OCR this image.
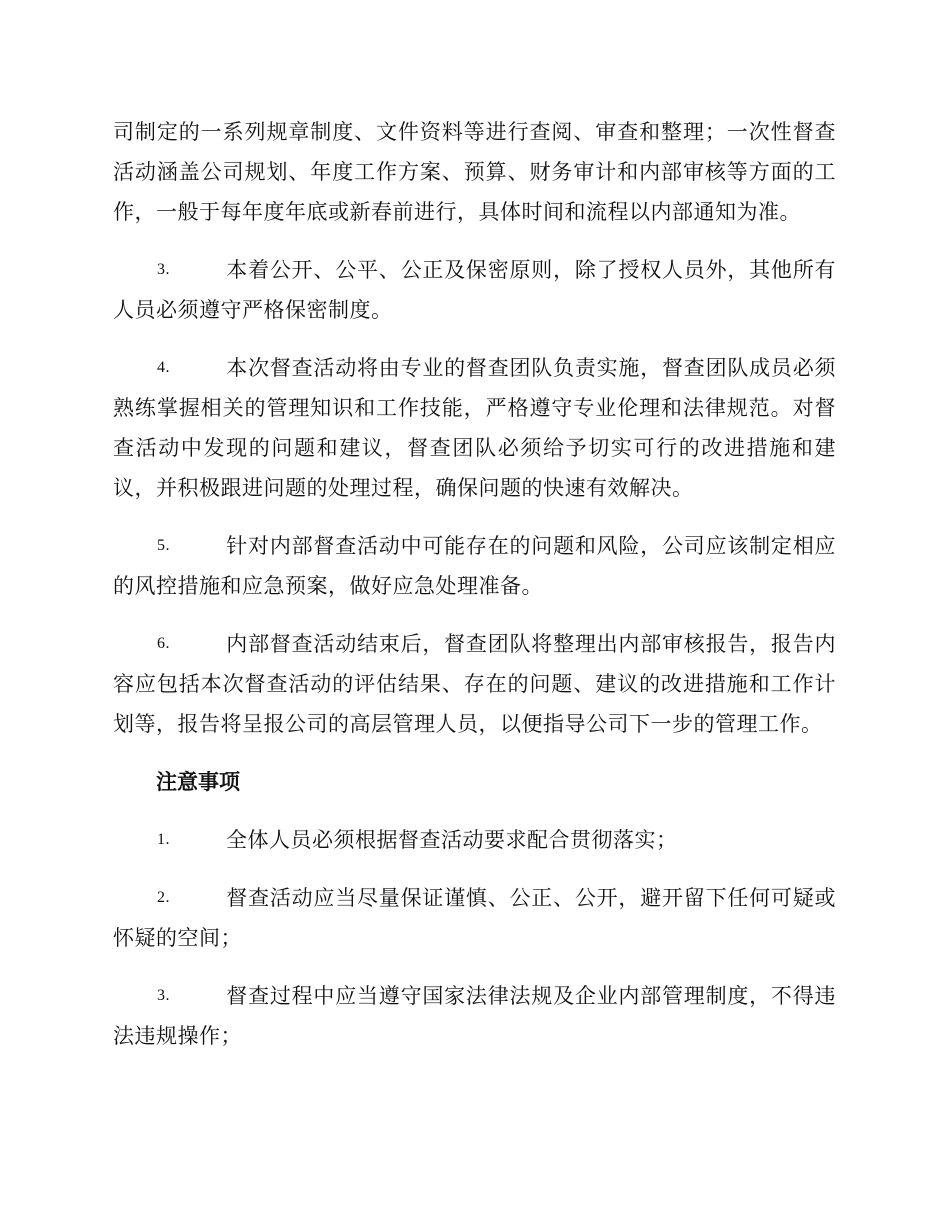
司制定的一系列规章制度、文件资料等进行查阅、审查和整理；一次性督查活动涵盖公司规划、年度工作方案、预算、财务审计和内部审核等方面的工作，一般于每年度年底或新春前进行，具体时间和流程以内部通知为准。

3.	本着公开、公平、公正及保密原则，除了授权人员外，其他所有人员必须遵守严格保密制度。

4.	本次督查活动将由专业的督查团队负责实施，督查团队成员必须熟练掌握相关的管理知识和工作技能，严格遵守专业伦理和法律规范。对督查活动中发现的问题和建议，督查团队必须给予切实可行的改进措施和建议，并积极跟进问题的处理过程，确保问题的快速有效解决。

5.	针对内部督查活动中可能存在的问题和风险，公司应该制定相应的风控措施和应急预案，做好应急处理准备。

6.	内部督查活动结束后，督查团队将整理出内部审核报告，报告内容应包括本次督查活动的评估结果、存在的问题、建议的改进措施和工作计划等，报告将呈报公司的高层管理人员，以便指导公司下一步的管理工作。

注意事项

1.	全体人员必须根据督查活动要求配合贯彻落实；

2.	督查活动应当尽量保证谨慎、公正、公开，避开留下任何可疑或怀疑的空间；

3.	督查过程中应当遵守国家法律法规及企业内部管理制度，不得违法违规操作；
